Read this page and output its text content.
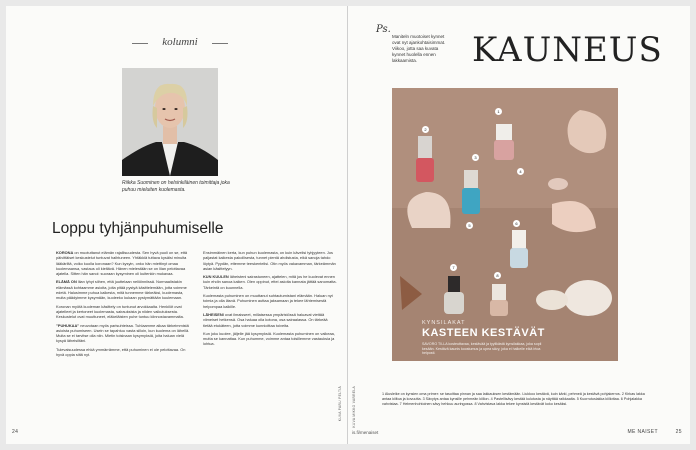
kolumni
Riikka Suominen on helsinkiläinen toimittaja joka puhuu mieluiten kuolemasta.
Loppu tyhjänpuhumiselle

KORONA on muotuttanut elämän rajallisuudesta. Sen hyvä puoli on se, että päivittäiset keskustelut tuntuvat haihtuneen. Yhtäkkiä tuttava kysäisi minulta lääkäriltä, voiko kuolla koronaan? Kun kysyin, onko hän miettinyt omaa kuolemaansa, vastaus oli kieltävä. Hänen mielestään se on liian pelottavaa ajatella. Sitten hän sanoi: suoraan kysyminen oli kuitenkin mukavaa.

ELÄMÄ ON liian lyhyt siihen, että juuttelaan neliöinniissä. Normaalistakin elämässä kohtaamme asioita, joita pitää pystyä käsittelemään, jotta voimme edetä. Halusimme puhua kaikesta, mitä tunnemme tärkeäksi, kuolemasta, muita päädyimme kysymään, kuoleeko kukaan pystymättään kuulemaan.

Koronan myötä kuoleman käsittely on tuntunut arvokkaalta. Henkilöt ovat ajatelleet ja kertoneet kuolemasta, sairauksista ja niiden vaikutuksesta. Keskustelut ovat muuttuneet, eläkeläisten puhe tuntuu kiinnostavammalta.

"PUHUKAA" neuvotaan myös parisuhteissa. Tuhlaamme aikaa tärkeimmistä asioista puhumiseen. Usein se tapahtuu vasta silloin, kun kuolema on lähellä. Muita se ei tarvitse olla niin. Mietin toisinaan kysymyksiä, joita haluan vielä kysyä läheisiltäni.

Tulevaisuudessa ehkä ymmärrämme, että puhuminen ei ole pelottavaa. On hyvä oppia siitä nyt.

Ensimmäinen kerta, kun puhun kuolemasta, on kuin kävelisi tyhjyyteen. Jos paljastat kaikesta pakollisesta, tunnet pientä ahdistusta, eikä sanoja tahdo löytyä. Pyydän, ettemme teeskentelisi. Otin myös vakavamman, tärkeämmän asian käsittelyyn.

KUN KUULEN läheisteni sairastuneen, ajattelen, mitä jos he kuolevat ennen kuin ehdin sanoa kaiken. Olen oppinut, ettei asioita kannata jättää sanomatta. Tärkeintä on kuunnella.

Kuolemasta puhuminen on muuttanut suhtautumistani elämään. Haluan nyt toimia ja olla läsnä. Puhuminen auttaa jaksamaan ja tekee lähtemisestä helpompaa kaikille.

LÄHEISENI ovat ilmaisseet, millaisessa ympäristössä haluavat viettää viimeiset hetkensä. Osa haluaa olla kotona, osa sairaalassa. On tärkeää tietää etukäteen, jotta voimme kunnioittaa toiveita.

Kun joku kuolee, jäljelle jää kysymyksiä. Kuolemasta puhuminen on vaikeaa, mutta se kannattaa. Kun puhumme, voimme antaa toisillemme vastauksia ja lohtua.

KUVA PARU PELTIÄ
24
Ps.
Maniteln muotoiset kynnet ovat nyt ajankohtaisimmat. Viikoo, jotta saa kuvata kynnet huolella ennen lakkaamista.	KAUNEUS
1
2
3
4
5	6
7
8
KYNSILAKAT
KASTEEN KESTÄVÄT
SAVORO TILLA kosteuttavaa, kestävää ja tyylikästä kynsilakkaa, joka sopii kesään. Kestävä kaunis koostumus ja upea sävy, joka ei halkeile eikä irtoa helposti.
1 Alusleike on kynsien oma primer: se tasoittaa pinnan ja saa lakkauksen kestämään. Liukkoo kestävä, kuin kärki, pehmeä ja kestävä pohjakerros. 2 Kirkas lakka antaa kiiltoa ja kovuutta. 3 Sävytys antaa kynsille pehmeän kiillon. 4 Pastellisävy kestää kulutusta ja näyttää raikkaalta. 5 Kuorrutuslakka kiillottaa. 6 Pohjalakka vahvistaa. 7 Helmenhohtoinen sävy hehkuu auringossa. 8 Vahvistava lakka tekee kynsistä kestävät koko kesäksi.
KUVA MIKKO VARRELA
is.fi/menaiset	ME NAISET	25
